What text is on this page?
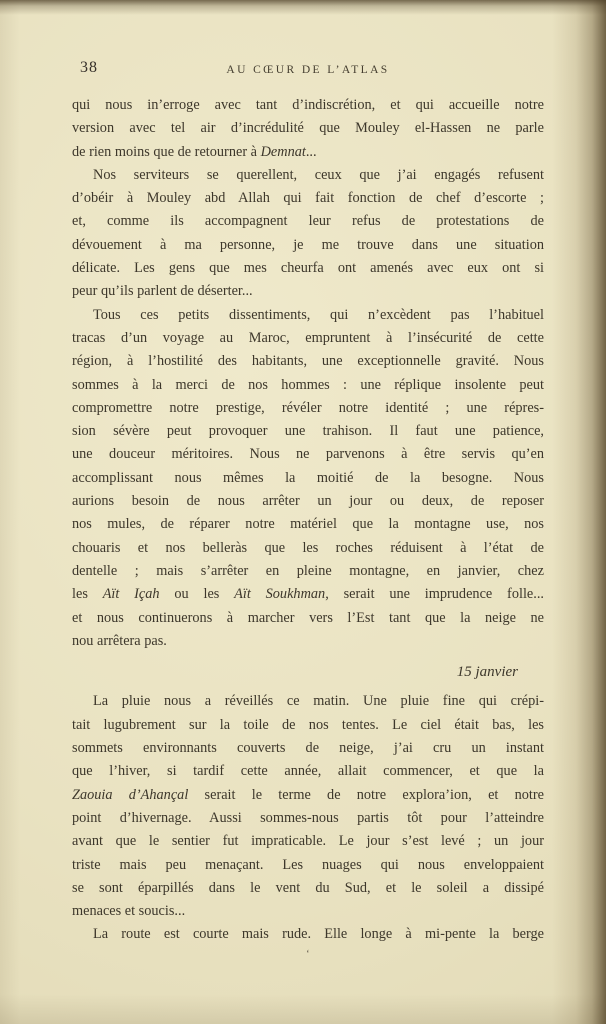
38	AU CŒUR DE L’ATLAS
qui nous in’erroge avec tant d’indiscrétion, et qui accueille notre
version avec tel air d’incrédulité que Mouley el-Hassen ne parle
de rien moins que de retourner à Demnat...
Nos serviteurs se querellent, ceux que j’ai engagés refusent
d’obéir à Mouley abd Allah qui fait fonction de chef d’escorte ;
et, comme ils accompagnent leur refus de protestations de
dévouement à ma personne, je me trouve dans une situation
délicate. Les gens que mes cheurfa ont amenés avec eux ont si
peur qu’ils parlent de déserter...
Tous ces petits dissentiments, qui n’excèdent pas l’habituel
tracas d’un voyage au Maroc, empruntent à l’insécurité de cette
région, à l’hostilité des habitants, une exceptionnelle gravité. Nous
sommes à la merci de nos hommes : une réplique insolente peut
compromettre notre prestige, révéler notre identité ; une répres-
sion sévère peut provoquer une trahison. Il faut une patience,
une douceur méritoires. Nous ne parvenons à être servis qu’en
accomplissant nous mêmes la moitié de la besogne. Nous
aurions besoin de nous arrêter un jour ou deux, de reposer
nos mules, de réparer notre matériel que la montagne use, nos
chouaris et nos belleràs que les roches réduisent à l’état de
dentelle ; mais s’arrêter en pleine montagne, en janvier, chez
les Aït Içah ou les Aït Soukhman, serait une imprudence folle...
et nous continuerons à marcher vers l’Est tant que la neige ne
nou arrêtera pas.
15 janvier
La pluie nous a réveillés ce matin. Une pluie fine qui crépi-
tait lugubrement sur la toile de nos tentes. Le ciel était bas, les
sommets environnants couverts de neige, j’ai cru un instant
que l’hiver, si tardif cette année, allait commencer, et que la
Zaouia d’Ahançal serait le terme de notre explora’ion, et notre
point d’hivernage. Aussi sommes-nous partis tôt pour l’atteindre
avant que le sentier fut impraticable. Le jour s’est levé ; un jour
triste mais peu menaçant. Les nuages qui nous enveloppaient
se sont éparpillés dans le vent du Sud, et le soleil a dissipé
menaces et soucis...
La route est courte mais rude. Elle longe à mi-pente la berge
‘
